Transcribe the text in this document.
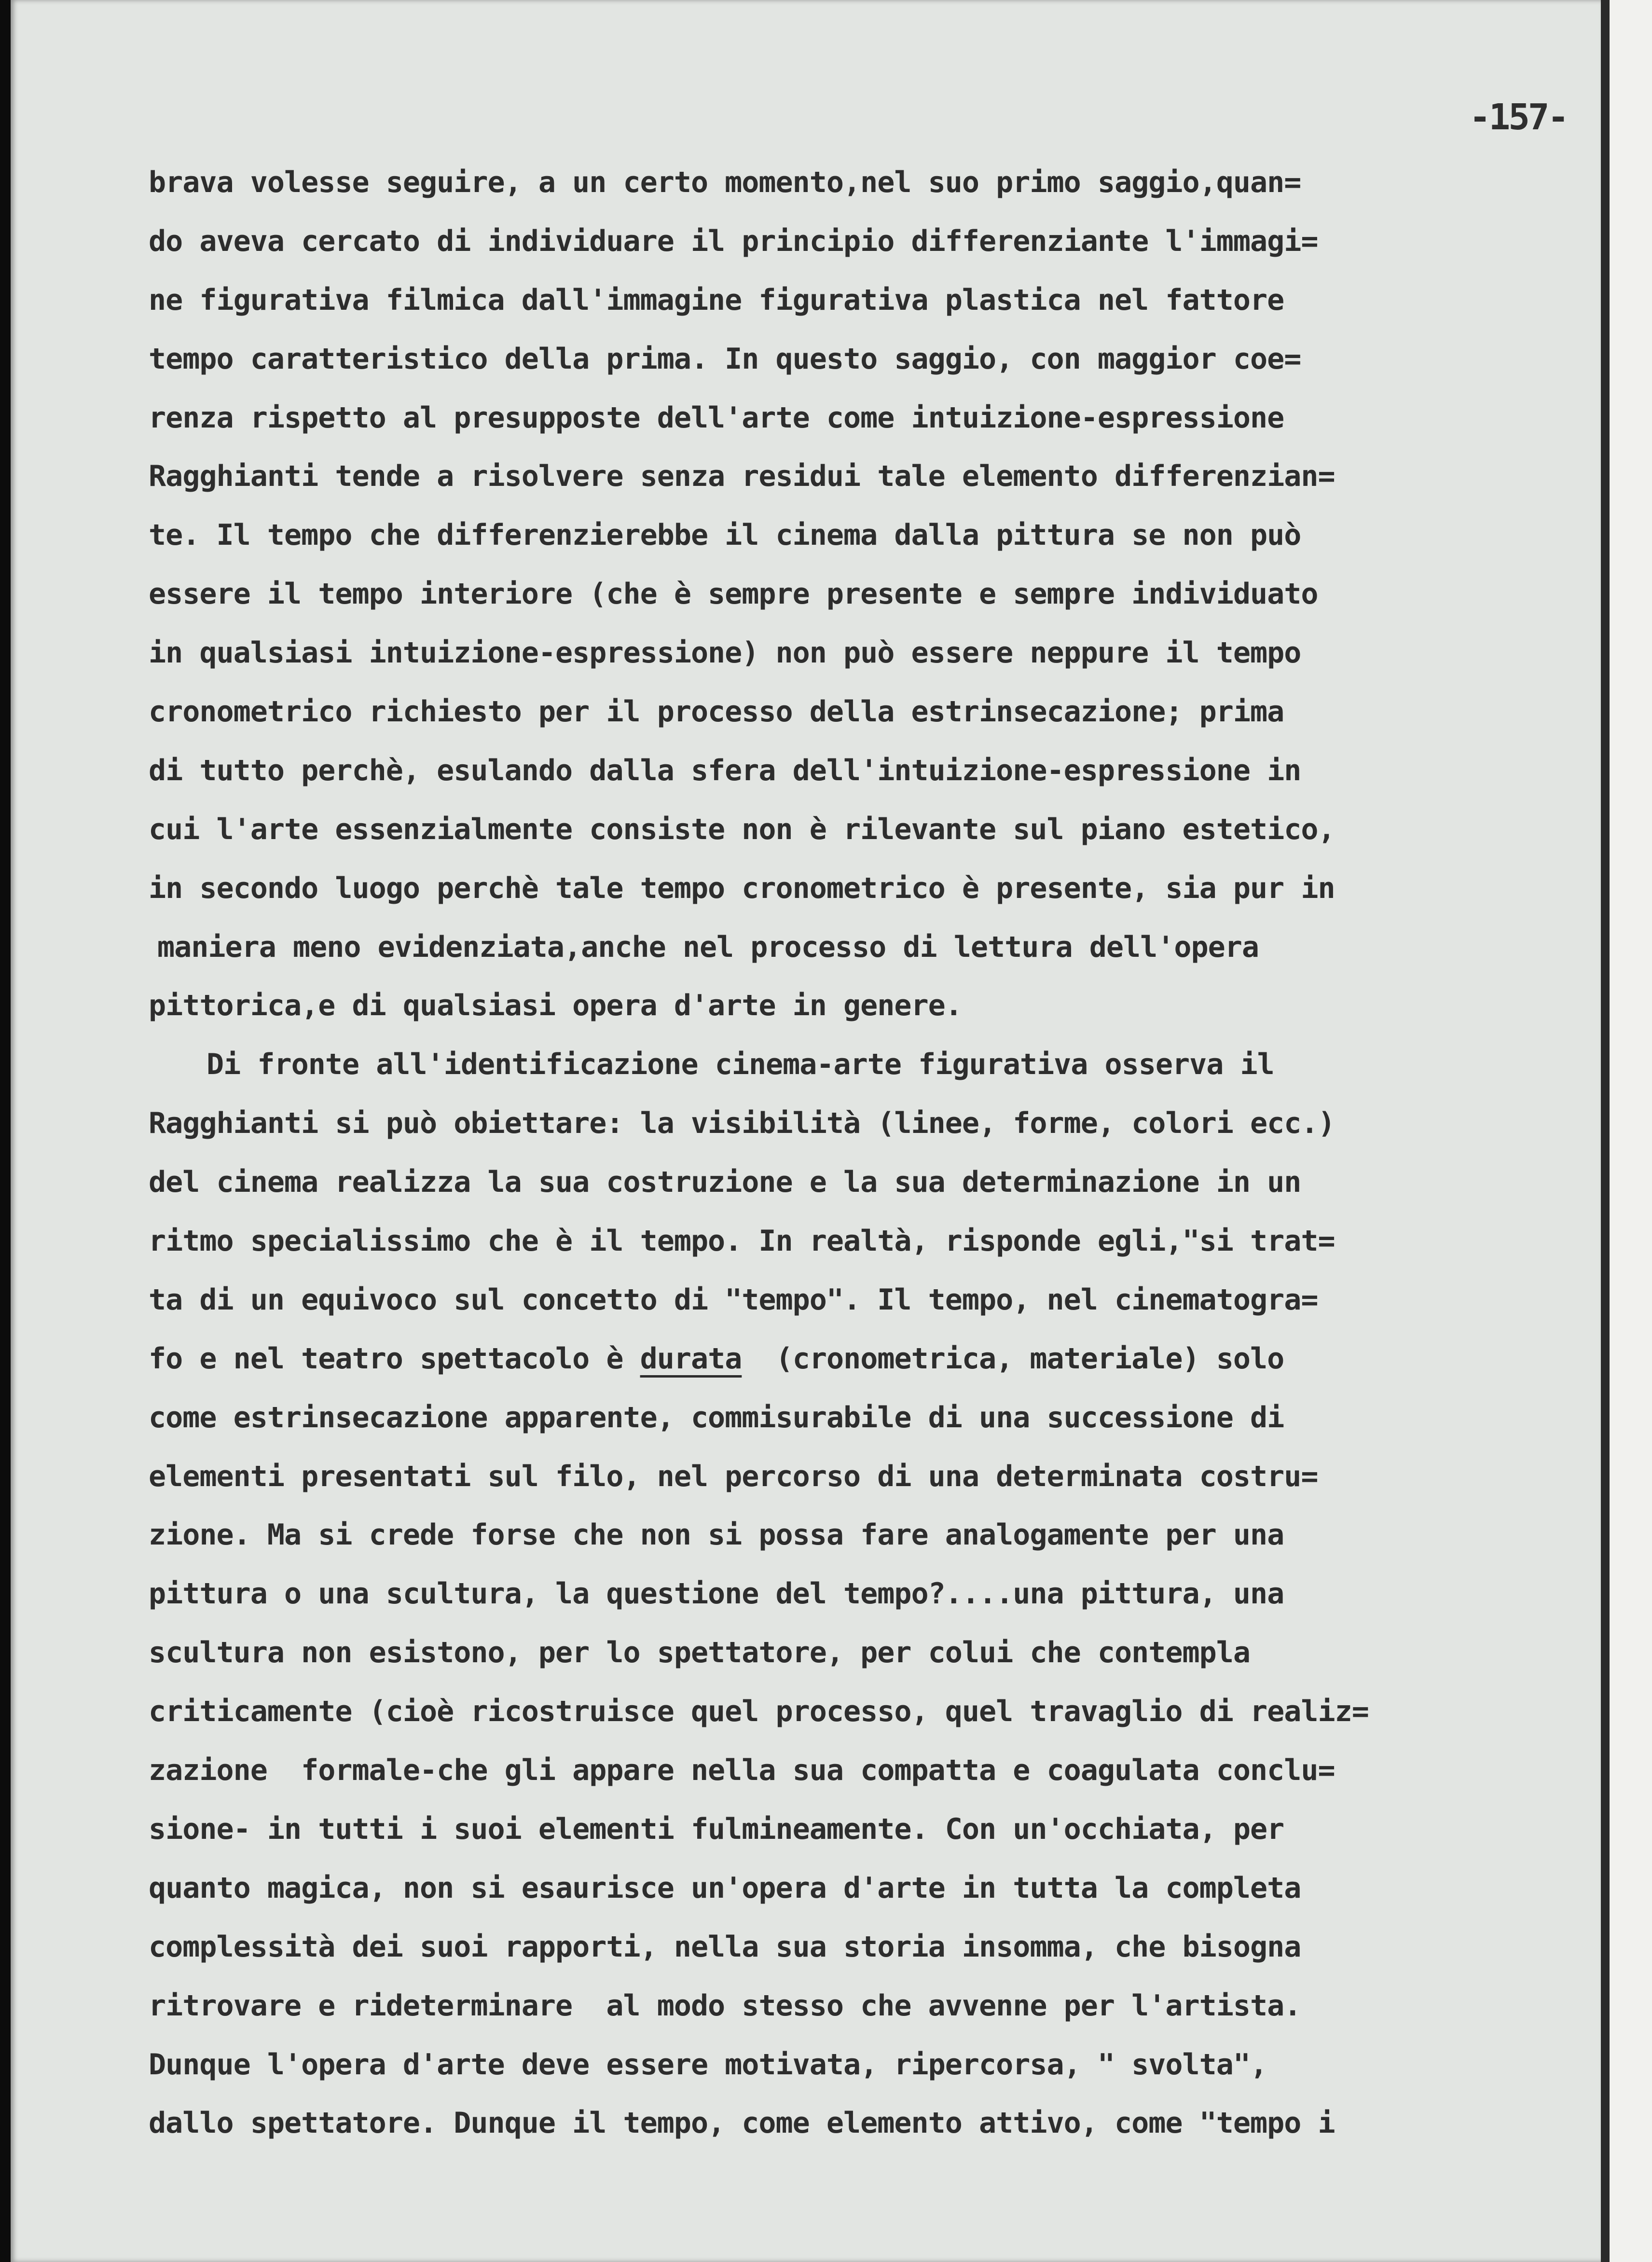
-157-
brava volesse seguire, a un certo momento,nel suo primo saggio,quan=
do aveva cercato di individuare il principio differenziante l'immagi=
ne figurativa filmica dall'immagine figurativa plastica nel fattore
tempo caratteristico della prima. In questo saggio, con maggior coe=
renza rispetto al presupposte dell'arte come intuizione-espressione
Ragghianti tende a risolvere senza residui tale elemento differenzian=
te. Il tempo che differenzierebbe il cinema dalla pittura se non può
essere il tempo interiore (che è sempre presente e sempre individuato
in qualsiasi intuizione-espressione) non può essere neppure il tempo
cronometrico richiesto per il processo della estrinsecazione; prima
di tutto perchè, esulando dalla sfera dell'intuizione-espressione in
cui l'arte essenzialmente consiste non è rilevante sul piano estetico,
in secondo luogo perchè tale tempo cronometrico è presente, sia pur in
maniera meno evidenziata,anche nel processo di lettura dell'opera
pittorica,e di qualsiasi opera d'arte in genere.
Di fronte all'identificazione cinema-arte figurativa osserva il
Ragghianti si può obiettare: la visibilità (linee, forme, colori ecc.)
del cinema realizza la sua costruzione e la sua determinazione in un
ritmo specialissimo che è il tempo. In realtà, risponde egli,"si trat=
ta di un equivoco sul concetto di "tempo". Il tempo, nel cinematogra=
fo e nel teatro spettacolo è durata (cronometrica, materiale) solo
come estrinsecazione apparente, commisurabile di una successione di
elementi presentati sul filo, nel percorso di una determinata costru=
zione. Ma si crede forse che non si possa fare analogamente per una
pittura o una scultura, la questione del tempo?....una pittura, una
scultura non esistono, per lo spettatore, per colui che contempla
criticamente (cioè ricostruisce quel processo, quel travaglio di realiz=
zazione  formale-che gli appare nella sua compatta e coagulata conclu=
sione- in tutti i suoi elementi fulmineamente. Con un'occhiata, per
quanto magica, non si esaurisce un'opera d'arte in tutta la completa
complessità dei suoi rapporti, nella sua storia insomma, che bisogna
ritrovare e rideterminare  al modo stesso che avvenne per l'artista.
Dunque l'opera d'arte deve essere motivata, ripercorsa, " svolta",
dallo spettatore. Dunque il tempo, come elemento attivo, come "tempo i
